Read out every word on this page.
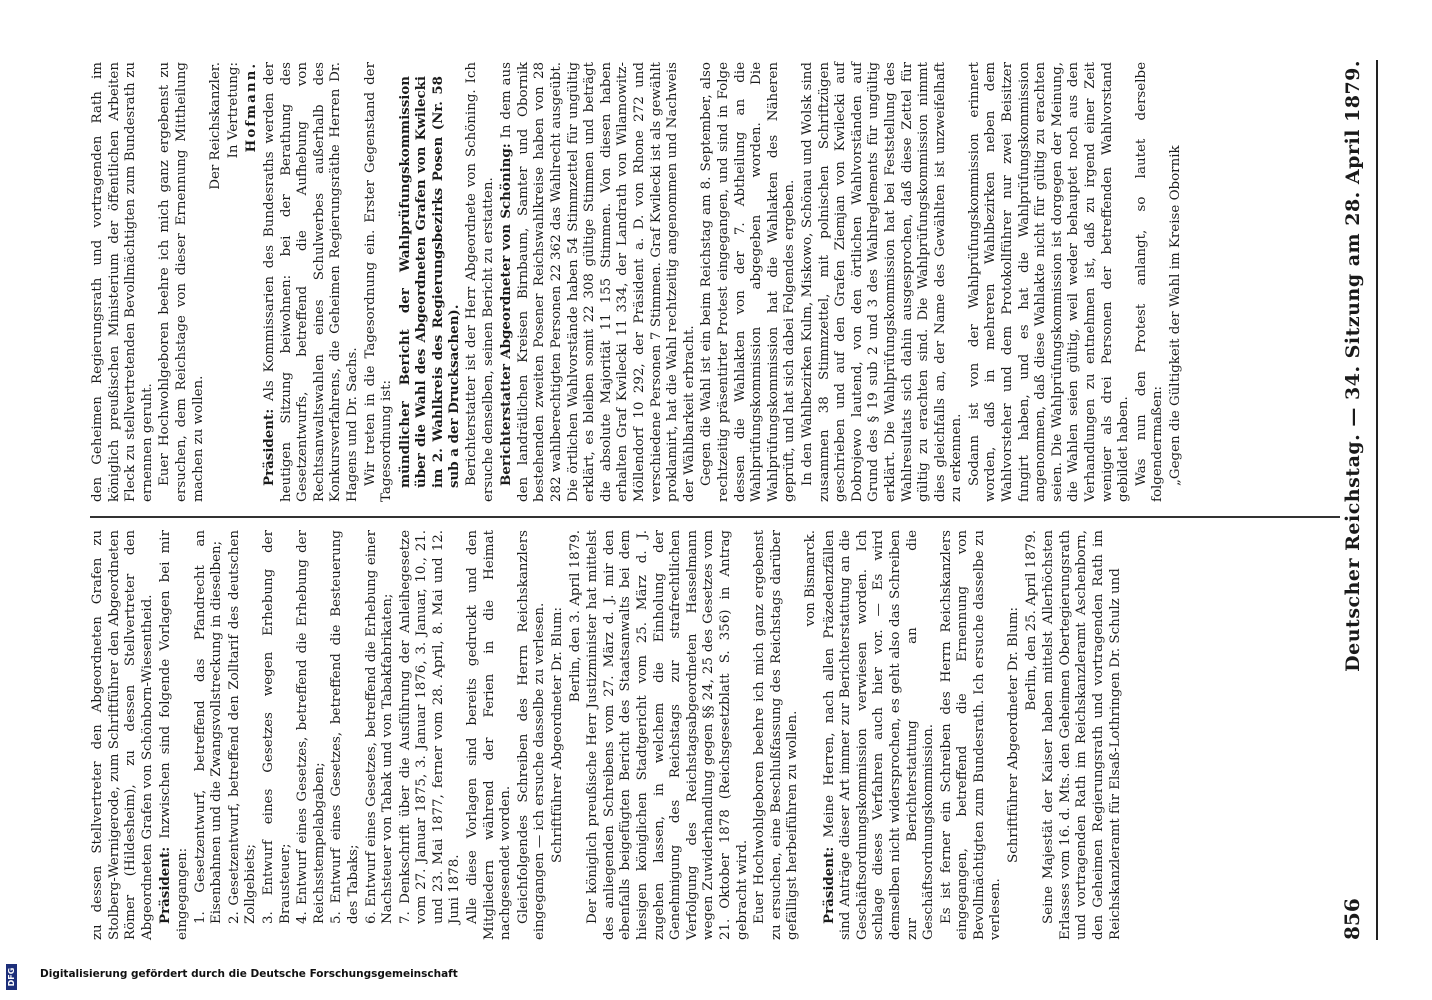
856
Deutscher Reichstag. — 34. Sitzung am 28. April 1879.

zu dessen Stellvertreter den Abgeordneten Grafen zu Stolberg-Wernigerode, zum Schriftführer den Abgeordneten Römer (Hildesheim), zu dessen Stellvertreter den Abgeordneten Grafen von Schönborn-Wiesentheid. Präsident: Inzwischen sind folgende Vorlagen bei mir eingegangen: 1. Gesetzentwurf, betreffend das Pfandrecht an Eisenbahnen und die Zwangsvollstreckung in dieselben; 2. Gesetzentwurf, betreffend den Zolltarif des deutschen Zollgebiets; 3. Entwurf eines Gesetzes wegen Erhebung der Brausteuer; 4. Entwurf eines Gesetzes, betreffend die Erhebung der Reichsstempelabgaben; 5. Entwurf eines Gesetzes, betreffend die Besteuerung des Tabaks; 6. Entwurf eines Gesetzes, betreffend die Erhebung einer Nachsteuer von Tabak und von Tabakfabrikaten; 7. Denkschrift über die Ausführung der Anleihegesetze vom 27. Januar 1875, 3. Januar 1876, 3. Januar, 10., 21. und 23. Mai 1877, ferner vom 28. April, 8. Mai und 12. Juni 1878. Alle diese Vorlagen sind bereits gedruckt und den Mitgliedern während der Ferien in die Heimat nachgesendet worden. Gleichfolgendes Schreiben des Herrn Reichskanzlers eingegangen — ich ersuche dasselbe zu verlesen. Schriftführer Abgeordneter Dr. Blum: Berlin, den 3. April 1879. Der königlich preußische Herr Justizminister hat mittelst des anliegenden Schreibens vom 27. März d. J. mir den ebenfalls beigefügten Bericht des Staatsanwalts bei dem hiesigen königlichen Stadtgericht vom 25. März d. J. zugehen lassen, in welchem die Einholung der Genehmigung des Reichstags zur strafrechtlichen Verfolgung des Reichstagsabgeordneten Hasselmann wegen Zuwiderhandlung gegen §§ 24, 25 des Gesetzes vom 21. Oktober 1878 (Reichsgesetzblatt S. 356) in Antrag gebracht wird. Euer Hochwohlgeboren beehre ich mich ganz ergebenst zu ersuchen, eine Beschlußfassung des Reichstags darüber gefälligst herbeiführen zu wollen.

von Bismarck.

Präsident: Meine Herren, nach allen Präzedenzfällen sind Anträge dieser Art immer zur Berichterstattung an die Geschäftsordnungskommission verwiesen worden. Ich schlage dieses Verfahren auch hier vor. — Es wird demselben nicht widersprochen, es geht also das Schreiben zur Berichterstattung an die Geschäftsordnungskommission. Es ist ferner ein Schreiben des Herrn Reichskanzlers eingegangen, betreffend die Ernennung von Bevollmächtigten zum Bundesrath. Ich ersuche dasselbe zu verlesen.

Schriftführer Abgeordneter Dr. Blum: Berlin, den 25. April 1879. Seine Majestät der Kaiser haben mittelst Allerhöchsten Erlasses vom 16. d. Mts. den Geheimen Obertegierungsrath und vortragenden Rath im Reichskanzleramt Aschenborn, den Geheimen Regierungsrath und vortragenden Rath im Reichskanzleramt für Elsaß-Lothringen Dr. Schulz und

den Geheimen Regierungsrath und vortragenden Rath im königlich preußischen Ministerium der öffentlichen Arbeiten Fleck zu stellvertretenden Bevollmächtigten zum Bundesrath zu ernennen geruht. Euer Hochwohlgeboren beehre ich mich ganz ergebenst zu ersuchen, dem Reichstage von dieser Ernennung Mittheilung machen zu wollen.

Der Reichskanzler. In Vertretung: Hofmann.

Präsident: Als Kommissarien des Bundesraths werden der heutigen Sitzung beiwohnen: bei der Berathung des Gesetzentwurfs, betreffend die Aufhebung von Rechtsanwaltswahlen eines Schulwerbes außerhalb des Konkursverfahrens, die Geheimen Regierungsräthe Herren Dr. Hagens und Dr. Sachs. Wir treten in die Tagesordnung ein. Erster Gegenstand der Tagesordnung ist: mündlicher Bericht der Wahlprüfungskommission über die Wahl des Abgeordneten Grafen von Kwilecki im 2. Wahlkreis des Regierungsbezirks Posen (Nr. 58 sub a der Drucksachen). Berichterstatter ist der Herr Abgeordnete von Schöning. Ich ersuche denselben, seinen Bericht zu erstatten. Berichterstatter Abgeordneter von Schöning: In dem aus den landrätlichen Kreisen Birnbaum, Samter und Obornik bestehenden zweiten Posener Reichswahlkreise haben von 28 282 wahlberechtigten Personen 22 362 das Wahlrecht ausgeübt. Die örtlichen Wahlvorstände haben 54 Stimmzettel für ungültig erklärt, es bleiben somit 22 308 gültige Stimmen und beträgt die absolute Majorität 11 155 Stimmen. Von diesen haben erhalten Graf Kwilecki 11 334, der Landrath von Wilamowitz-Möllendorf 10 292, der Präsident a. D. von Rhone 272 und verschiedene Personen 7 Stimmen. Graf Kwilecki ist als gewählt proklamirt, hat die Wahl rechtzeitig angenommen und Nachweis der Wählbarkeit erbracht. Gegen die Wahl ist ein beim Reichstag am 8. September, also rechtzeitig präsentirter Protest eingegangen, und sind in Folge dessen die Wahlakten von der 7. Abtheilung an die Wahlprüfungskommission abgegeben worden. Die Wahlprüfungskommission hat die Wahlakten des Näheren geprüft, und hat sich dabei Folgendes ergeben. In den Wahlbezirken Kulm, Miskowo, Schönau und Wolsk sind zusammen 38 Stimmzettel, mit polnischen Schriftzügen geschrieben und auf den Grafen Ziemjan von Kwilecki auf Dobrojewo lautend, von den örtlichen Wahlvorständen auf Grund des § 19 sub 2 und 3 des Wahlreglements für ungültig erklärt. Die Wahlprüfungskommission hat bei Feststellung des Wahlresultats sich dahin ausgesprochen, daß diese Zettel für gültig zu erachten sind. Die Wahlprüfungskommission nimmt dies gleichfalls an, der Name des Gewählten ist unzweifelhaft zu erkennen. Sodann ist von der Wahlprüfungskommission erinnert worden, daß in mehreren Wahlbezirken neben dem Wahlvorsteher und dem Protokollführer nur zwei Beisitzer fungirt haben, und es hat die Wahlprüfungskommission angenommen, daß diese Wahlakte nicht für gültig zu erachten seien. Die Wahlprüfungskommission ist dorgegen der Meinung, die Wahlen seien gültig, weil weder behauptet noch aus den Verhandlungen zu entnehmen ist, daß zu irgend einer Zeit weniger als drei Personen der betreffenden Wahlvorstand gebildet haben. Was nun den Protest anlangt, so lautet derselbe folgendermaßen: „Gegen die Gültigkeit der Wahl im Kreise Obornik

DFG Digitalisierung gefördert durch die Deutsche Forschungsgemeinschaft
